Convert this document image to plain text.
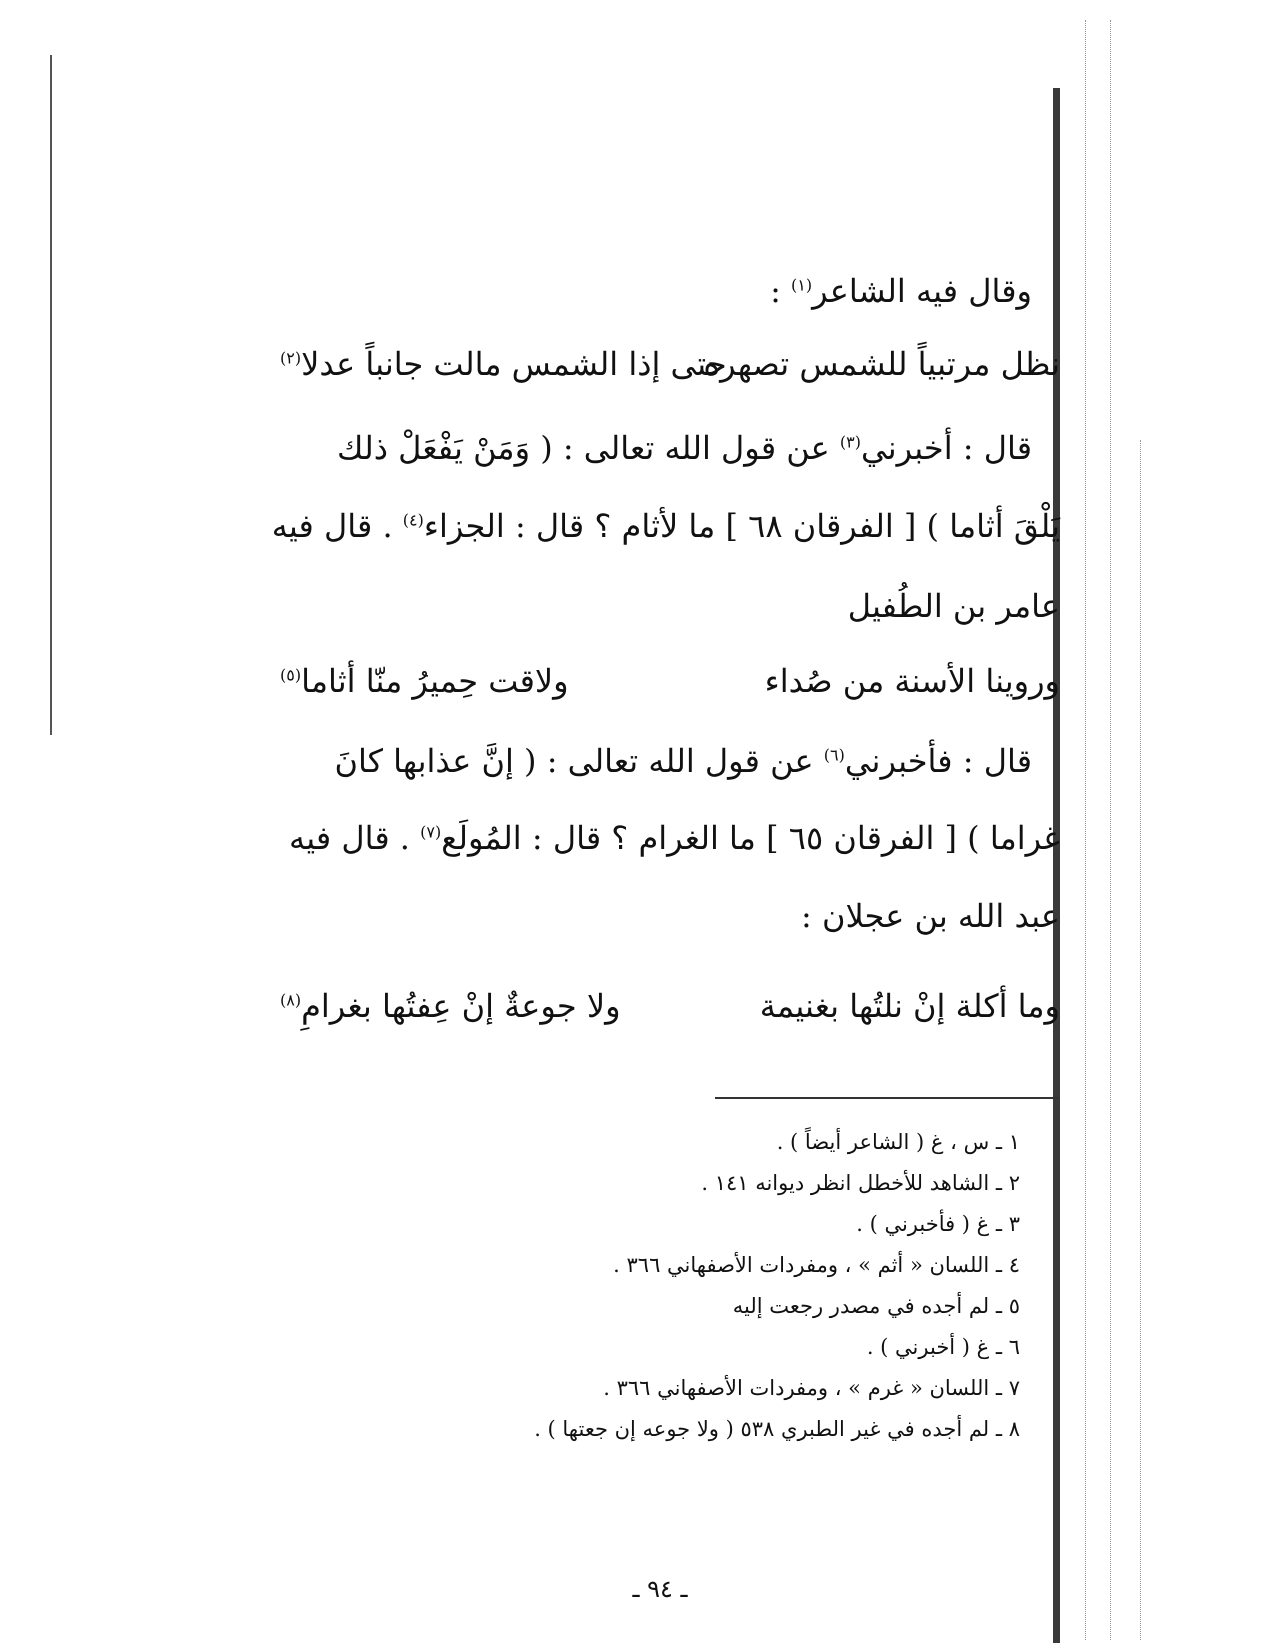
وقال فيه الشاعر$^{(١)}$ :
نظل مرتبياً للشمس تصهره
حتى إذا الشمس مالت جانباً عدلا$^{(٢)}$
قال : أخبرني$^{(٣)}$ عن قول الله تعالى : ( وَمَنْ يَفْعَلْ ذلك
يَلْقَ أثاما ) [ الفرقان ٦٨ ] ما لأثام ؟ قال : الجزاء$^{(٤)}$ . قال فيه
عامر بن الطُفيل
وروينا الأسنة من صُداء
ولاقت حِميرُ منّا أثاما$^{(٥)}$
قال : فأخبرني$^{(٦)}$ عن قول الله تعالى : ( إنَّ عذابها كانَ
غراما ) [ الفرقان ٦٥ ] ما الغرام ؟ قال : المُولَع$^{(٧)}$ . قال فيه
عبد الله بن عجلان :
وما أكلة إنْ نلتُها بغنيمة
ولا جوعةٌ إنْ عِفتُها بغرامِ$^{(٨)}$
١ ـ س ، غ ( الشاعر أيضاً ) .
٢ ـ الشاهد للأخطل انظر ديوانه ١٤١ .
٣ ـ غ ( فأخبرني ) .
٤ ـ اللسان « أثم » ، ومفردات الأصفهاني ٣٦٦ .
٥ ـ لم أجده في مصدر رجعت إليه
٦ ـ غ ( أخبرني ) .
٧ ـ اللسان « غرم » ، ومفردات الأصفهاني ٣٦٦ .
٨ ـ لم أجده في غير الطبري ٥٣٨ ( ولا جوعه إن جعتها ) .
ـ ٩٤ ـ
